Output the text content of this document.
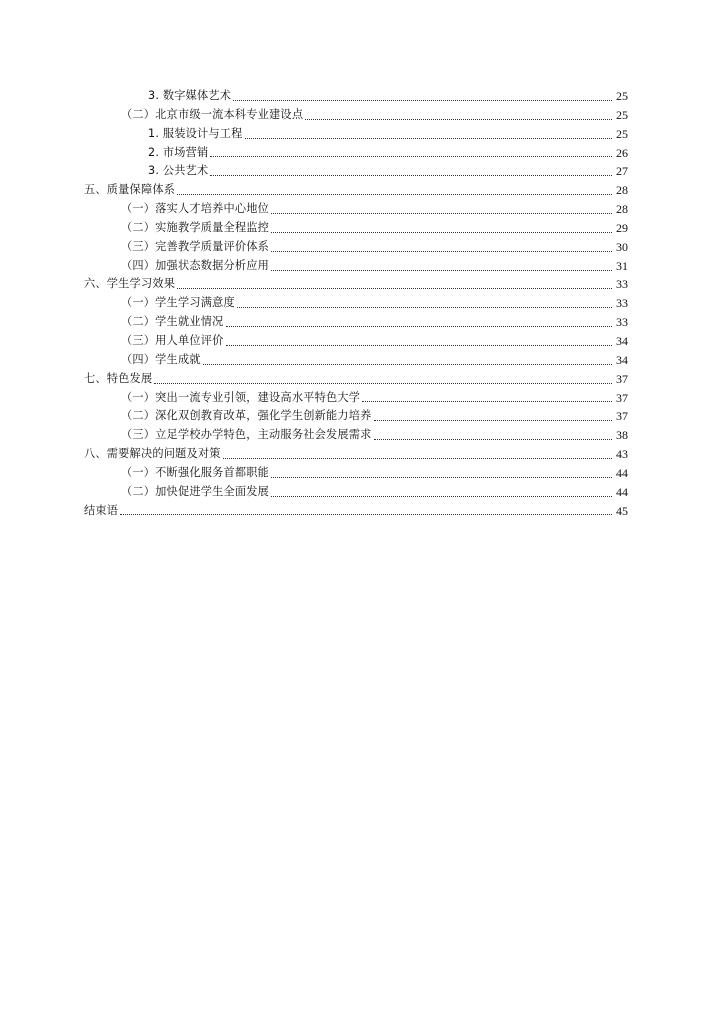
3. 数字媒体艺术	25
（二）北京市级一流本科专业建设点	25
1. 服装设计与工程	25
2. 市场营销	26
3. 公共艺术	27
五、质量保障体系	28
（一）落实人才培养中心地位	28
（二）实施教学质量全程监控	29
（三）完善教学质量评价体系	30
（四）加强状态数据分析应用	31
六、学生学习效果	33
（一）学生学习满意度	33
（二）学生就业情况	33
（三）用人单位评价	34
（四）学生成就	34
七、特色发展	37
（一）突出一流专业引领，建设高水平特色大学	37
（二）深化双创教育改革，强化学生创新能力培养	37
（三）立足学校办学特色，主动服务社会发展需求	38
八、需要解决的问题及对策	43
（一）不断强化服务首都职能	44
（二）加快促进学生全面发展	44
结束语	45
